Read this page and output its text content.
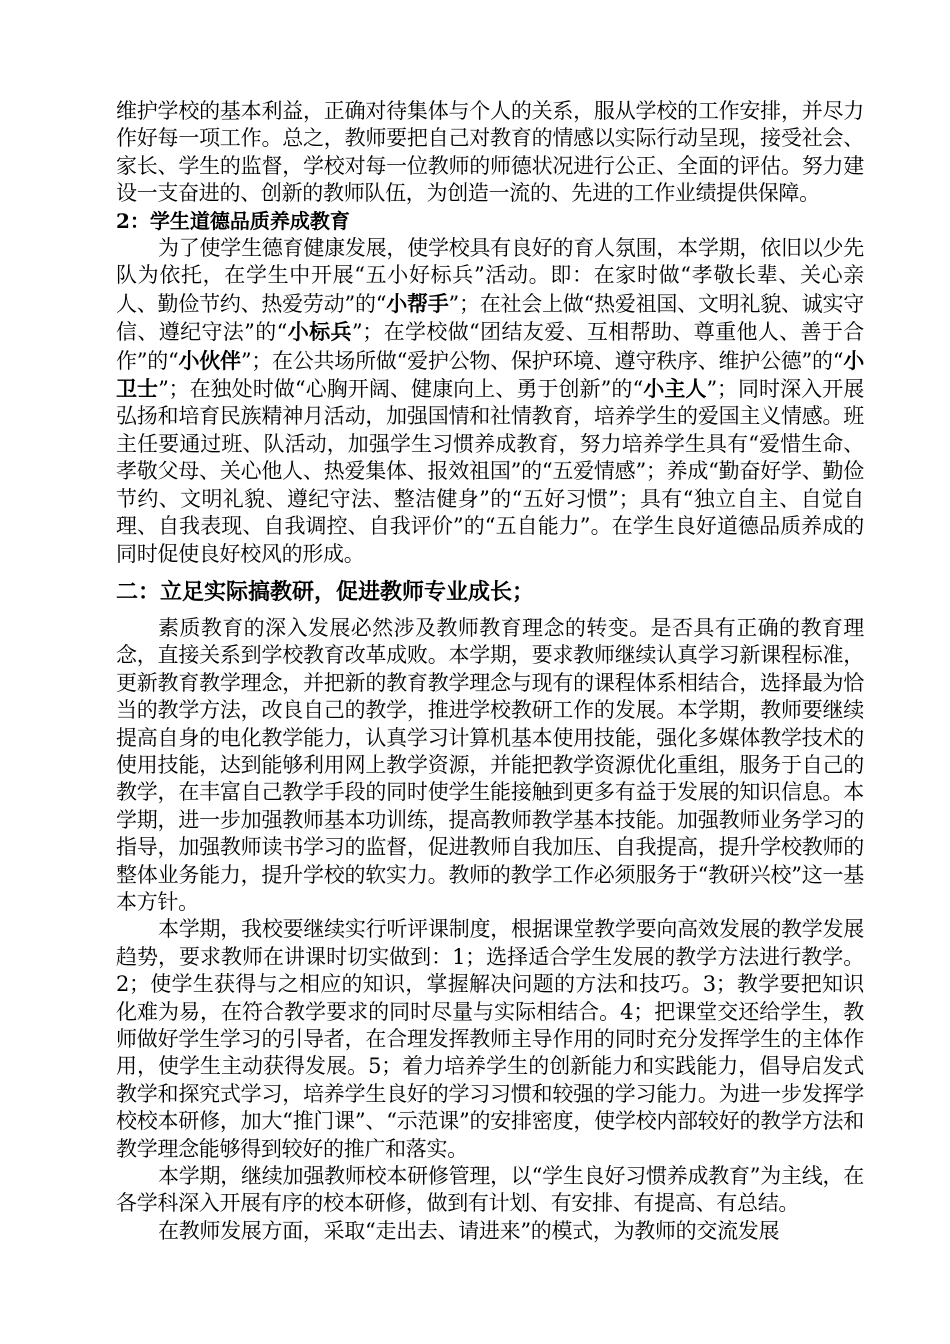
维护学校的基本利益，正确对待集体与个人的关系，服从学校的工作安排，并尽力作好每一项工作。总之，教师要把自己对教育的情感以实际行动呈现，接受社会、家长、学生的监督，学校对每一位教师的师德状况进行公正、全面的评估。努力建设一支奋进的、创新的教师队伍，为创造一流的、先进的工作业绩提供保障。

2：学生道德品质养成教育

为了使学生德育健康发展，使学校具有良好的育人氛围，本学期，依旧以少先队为依托，在学生中开展“五小好标兵”活动。即：在家时做“孝敬长辈、关心亲人、勤俭节约、热爱劳动”的“小帮手”；在社会上做“热爱祖国、文明礼貌、诚实守信、遵纪守法”的“小标兵”；在学校做“团结友爱、互相帮助、尊重他人、善于合作”的“小伙伴”；在公共场所做“爱护公物、保护环境、遵守秩序、维护公德”的“小卫士”；在独处时做“心胸开阔、健康向上、勇于创新”的“小主人”；同时深入开展弘扬和培育民族精神月活动，加强国情和社情教育，培养学生的爱国主义情感。班主任要通过班、队活动，加强学生习惯养成教育，努力培养学生具有“爱惜生命、孝敬父母、关心他人、热爱集体、报效祖国”的“五爱情感”；养成“勤奋好学、勤俭节约、文明礼貌、遵纪守法、整洁健身”的“五好习惯”；具有“独立自主、自觉自理、自我表现、自我调控、自我评价”的“五自能力”。在学生良好道德品质养成的同时促使良好校风的形成。

二：立足实际搞教研，促进教师专业成长；

素质教育的深入发展必然涉及教师教育理念的转变。是否具有正确的教育理念，直接关系到学校教育改革成败。本学期，要求教师继续认真学习新课程标准，更新教育教学理念，并把新的教育教学理念与现有的课程体系相结合，选择最为恰当的教学方法，改良自己的教学，推进学校教研工作的发展。本学期，教师要继续提高自身的电化教学能力，认真学习计算机基本使用技能，强化多媒体教学技术的使用技能，达到能够利用网上教学资源，并能把教学资源优化重组，服务于自己的教学，在丰富自己教学手段的同时使学生能接触到更多有益于发展的知识信息。本学期，进一步加强教师基本功训练，提高教师教学基本技能。加强教师业务学习的指导，加强教师读书学习的监督，促进教师自我加压、自我提高，提升学校教师的整体业务能力，提升学校的软实力。教师的教学工作必须服务于“教研兴校”这一基本方针。

本学期，我校要继续实行听评课制度，根据课堂教学要向高效发展的教学发展趋势，要求教师在讲课时切实做到：1；选择适合学生发展的教学方法进行教学。2；使学生获得与之相应的知识，掌握解决问题的方法和技巧。3；教学要把知识化难为易，在符合教学要求的同时尽量与实际相结合。4；把课堂交还给学生，教师做好学生学习的引导者，在合理发挥教师主导作用的同时充分发挥学生的主体作用，使学生主动获得发展。5；着力培养学生的创新能力和实践能力，倡导启发式教学和探究式学习，培养学生良好的学习习惯和较强的学习能力。为进一步发挥学校校本研修，加大“推门课”、“示范课”的安排密度，使学校内部较好的教学方法和教学理念能够得到较好的推广和落实。

本学期，继续加强教师校本研修管理，以“学生良好习惯养成教育”为主线，在各学科深入开展有序的校本研修，做到有计划、有安排、有提高、有总结。

在教师发展方面，采取“走出去、请进来”的模式，为教师的交流发展
